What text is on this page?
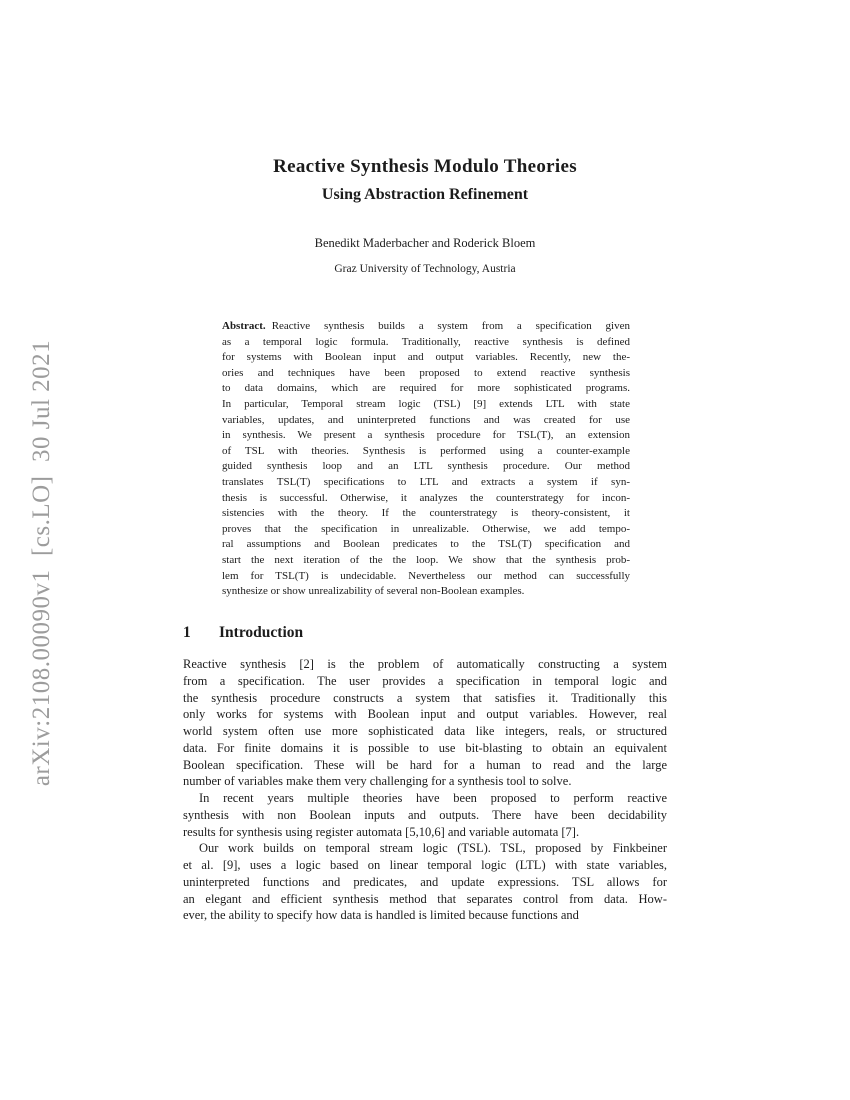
arXiv:2108.00090v1  [cs.LO]  30 Jul 2021
Reactive Synthesis Modulo Theories
Using Abstraction Refinement
Benedikt Maderbacher and Roderick Bloem
Graz University of Technology, Austria
Abstract. Reactive synthesis builds a system from a specification given
as a temporal logic formula. Traditionally, reactive synthesis is defined
for systems with Boolean input and output variables. Recently, new the-
ories and techniques have been proposed to extend reactive synthesis
to data domains, which are required for more sophisticated programs.
In particular, Temporal stream logic (TSL) [9] extends LTL with state
variables, updates, and uninterpreted functions and was created for use
in synthesis. We present a synthesis procedure for TSL(T), an extension
of TSL with theories. Synthesis is performed using a counter-example
guided synthesis loop and an LTL synthesis procedure. Our method
translates TSL(T) specifications to LTL and extracts a system if syn-
thesis is successful. Otherwise, it analyzes the counterstrategy for incon-
sistencies with the theory. If the counterstrategy is theory-consistent, it
proves that the specification in unrealizable. Otherwise, we add tempo-
ral assumptions and Boolean predicates to the TSL(T) specification and
start the next iteration of the the loop. We show that the synthesis prob-
lem for TSL(T) is undecidable. Nevertheless our method can successfully
synthesize or show unrealizability of several non-Boolean examples.
1 Introduction
Reactive synthesis [2] is the problem of automatically constructing a system
from a specification. The user provides a specification in temporal logic and
the synthesis procedure constructs a system that satisfies it. Traditionally this
only works for systems with Boolean input and output variables. However, real
world system often use more sophisticated data like integers, reals, or structured
data. For finite domains it is possible to use bit-blasting to obtain an equivalent
Boolean specification. These will be hard for a human to read and the large
number of variables make them very challenging for a synthesis tool to solve.
In recent years multiple theories have been proposed to perform reactive
synthesis with non Boolean inputs and outputs. There have been decidability
results for synthesis using register automata [5,10,6] and variable automata [7].
Our work builds on temporal stream logic (TSL). TSL, proposed by Finkbeiner
et al. [9], uses a logic based on linear temporal logic (LTL) with state variables,
uninterpreted functions and predicates, and update expressions. TSL allows for
an elegant and efficient synthesis method that separates control from data. How-
ever, the ability to specify how data is handled is limited because functions and
